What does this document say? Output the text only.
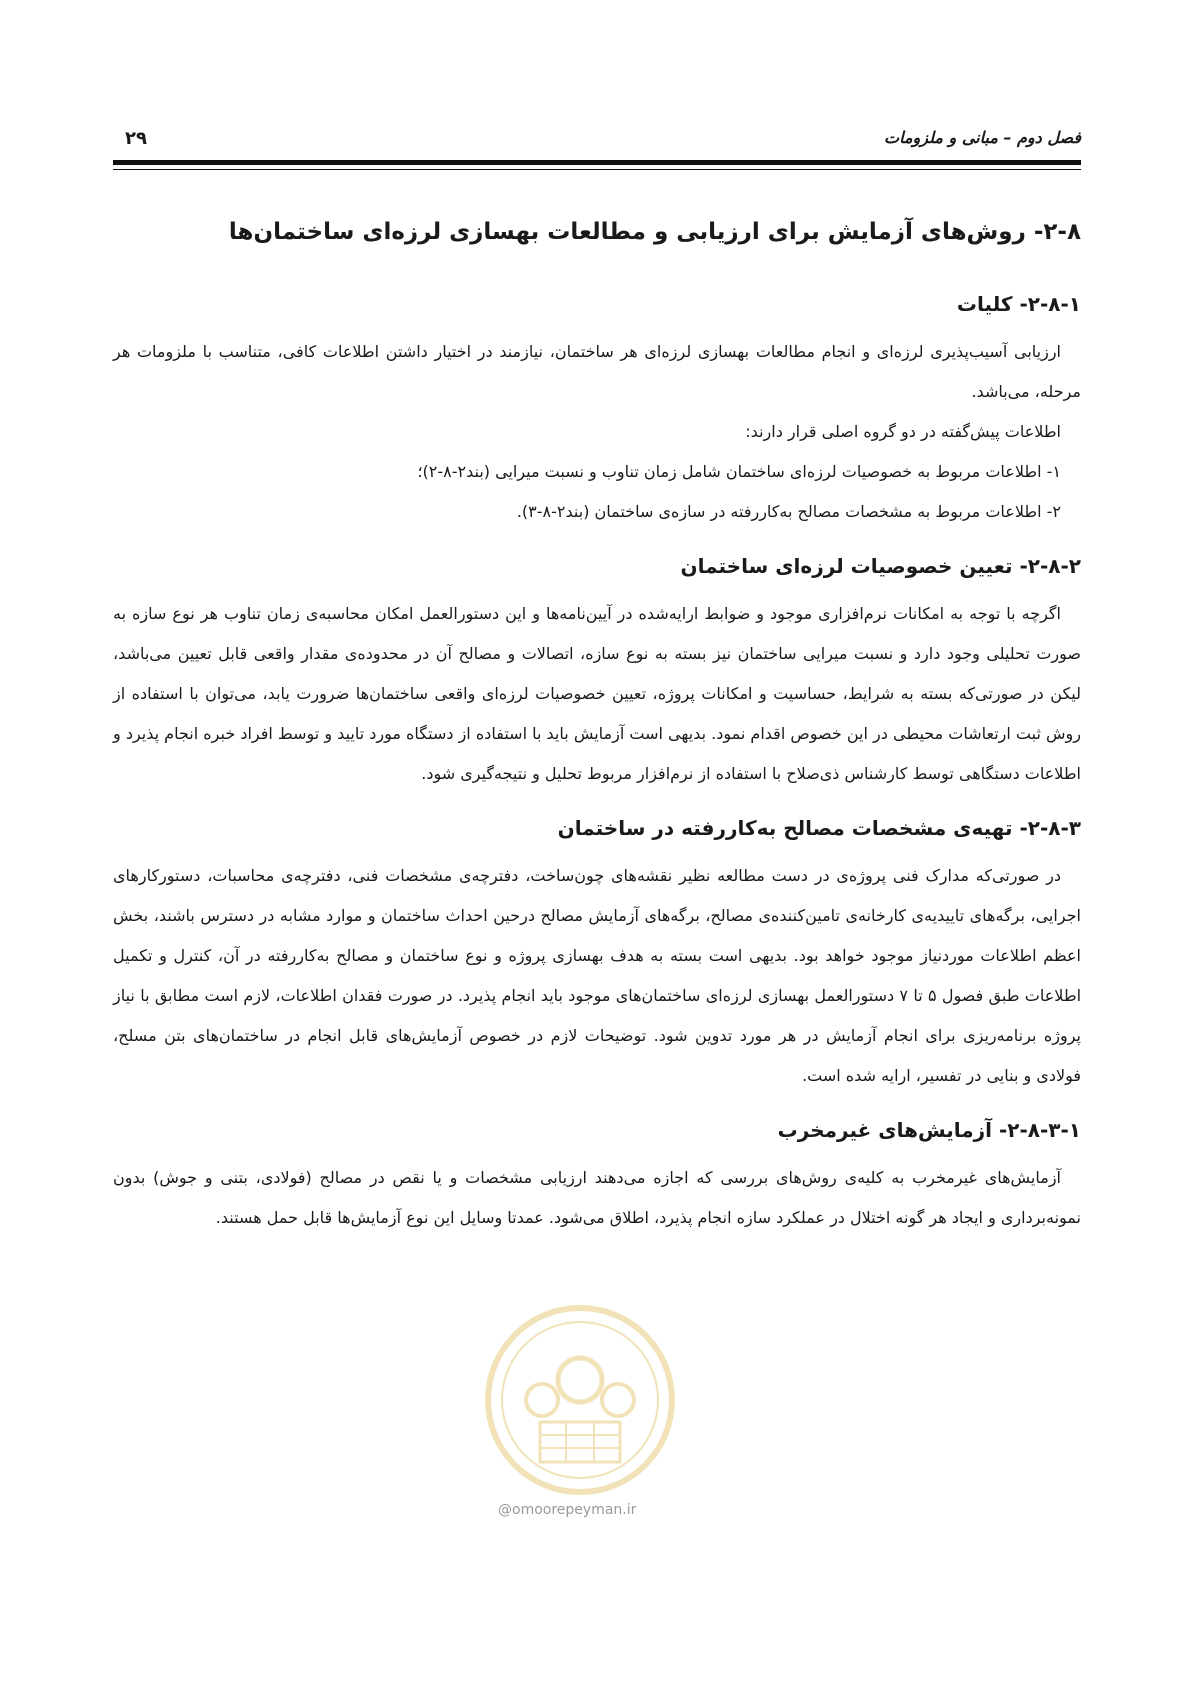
فصل دوم – مبانی و ملزومات
۲۹
۲-۸- روش‌های آزمایش برای ارزیابی و مطالعات بهسازی لرزه‌ای ساختمان‌ها
۲-۸-۱- کلیات

ارزیابی آسیب‌پذیری لرزه‌ای و انجام مطالعات بهسازی لرزه‌ای هر ساختمان، نیازمند در اختیار داشتن اطلاعات کافی، متناسب با ملزومات هر مرحله، می‌باشد.

اطلاعات پیش‌گفته در دو گروه اصلی قرار دارند:

۱- اطلاعات مربوط به خصوصیات لرزه‌ای ساختمان شامل زمان تناوب و نسبت میرایی (بند۲-۸-۲)؛

۲- اطلاعات مربوط به مشخصات مصالح به‌کاررفته در سازه‌ی ساختمان (بند۲-۸-۳).

۲-۸-۲- تعیین خصوصیات لرزه‌ای ساختمان

اگرچه با توجه به امکانات نرم‌افزاری موجود و ضوابط ارایه‌شده در آیین‌نامه‌ها و این دستورالعمل امکان محاسبه‌ی زمان تناوب هر نوع سازه به صورت تحلیلی وجود دارد و نسبت میرایی ساختمان نیز بسته به نوع سازه، اتصالات و مصالح آن در محدوده‌ی مقدار واقعی قابل تعیین می‌باشد، لیکن در صورتی‌که بسته به شرایط، حساسیت و امکانات پروژه، تعیین خصوصیات لرزه‌ای واقعی ساختمان‌ها ضرورت یابد، می‌توان با استفاده از روش ثبت ارتعاشات محیطی در این خصوص اقدام نمود. بدیهی است آزمایش باید با استفاده از دستگاه مورد تایید و توسط افراد خبره انجام پذیرد و اطلاعات دستگاهی توسط کارشناس ذی‌صلاح با استفاده از نرم‌افزار مربوط تحلیل و نتیجه‌گیری شود.

۲-۸-۳- تهیه‌ی مشخصات مصالح به‌کاررفته در ساختمان

در صورتی‌که مدارک فنی پروژه‌ی در دست مطالعه نظیر نقشه‌های چون‌ساخت، دفترچه‌ی مشخصات فنی، دفترچه‌ی محاسبات، دستورکارهای اجرایی، برگه‌های تاییدیه‌ی کارخانه‌ی تامین‌کننده‌ی مصالح، برگه‌های آزمایش مصالح درحین احداث ساختمان و موارد مشابه در دسترس باشند، بخش اعظم اطلاعات موردنیاز موجود خواهد بود. بدیهی است بسته به هدف بهسازی پروژه و نوع ساختمان و مصالح به‌کاررفته در آن، کنترل و تکمیل اطلاعات طبق فصول ۵ تا ۷ دستورالعمل بهسازی لرزه‌ای ساختمان‌های موجود باید انجام پذیرد. در صورت فقدان اطلاعات، لازم است مطابق با نیاز پروژه برنامه‌ریزی برای انجام آزمایش در هر مورد تدوین شود. توضیحات لازم در خصوص آزمایش‌های قابل انجام در ساختمان‌های بتن مسلح، فولادی و بنایی در تفسیر، ارایه شده است.

۲-۸-۳-۱- آزمایش‌های غیرمخرب

آزمایش‌های غیرمخرب به کلیه‌ی روش‌های بررسی که اجازه می‌دهند ارزیابی مشخصات و یا نقص در مصالح (فولادی، بتنی و جوش) بدون نمونه‌برداری و ایجاد هر گونه اختلال در عملکرد سازه انجام پذیرد، اطلاق می‌شود. عمدتا وسایل این نوع آزمایش‌ها قابل حمل هستند.

@omoorepeyman.ir
